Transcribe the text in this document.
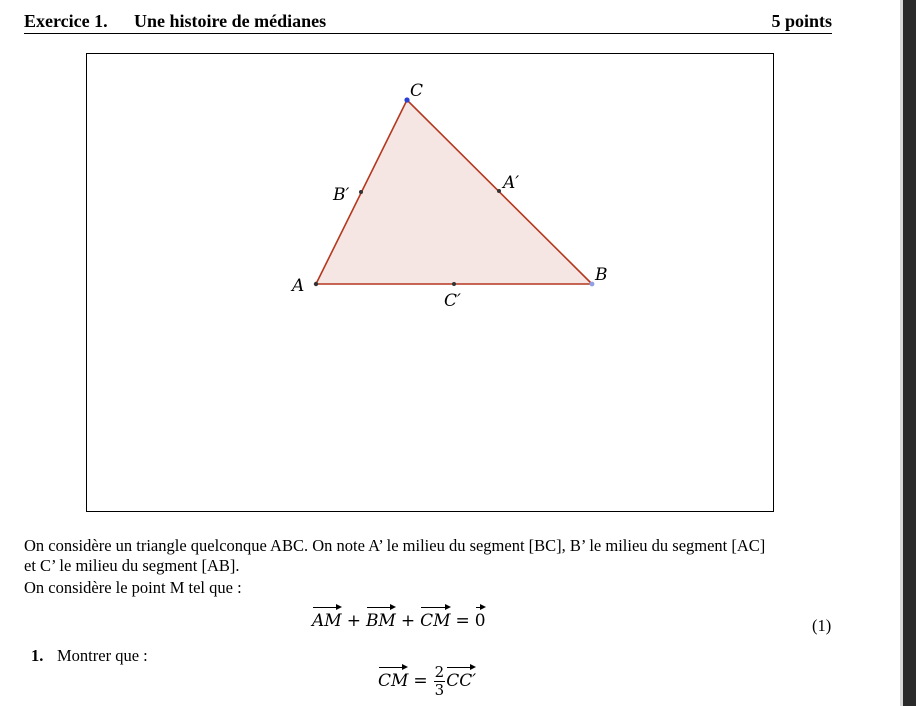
Exercice 1. Une histoire de médianes	5 points
A
B
C
A′
B′
C′
On considère un triangle quelconque ABC. On note A’ le milieu du segment [BC], B’ le milieu du segment [AC]
et C’ le milieu du segment [AB].
On considère le point M tel que :
AM + BM + CM = 0	(1)
1. Montrer que :
CM = $\frac{2}{3} CC'$
